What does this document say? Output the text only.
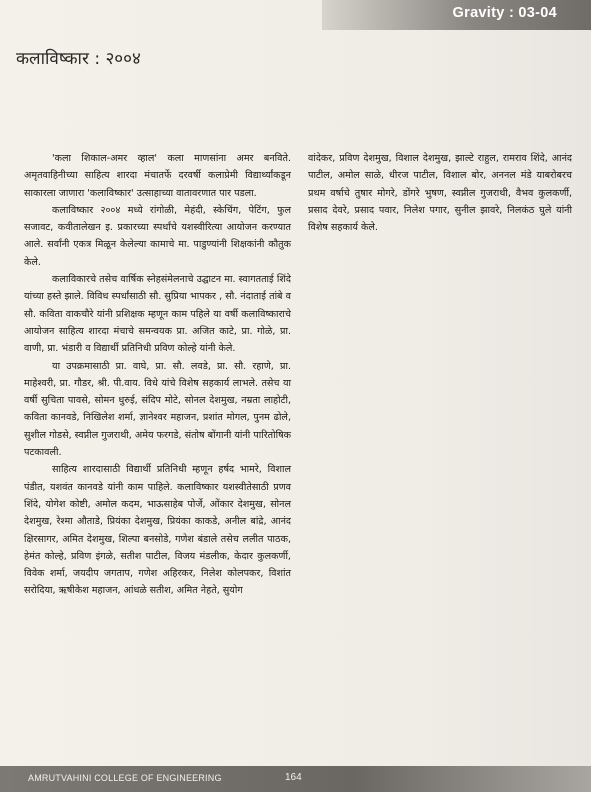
Gravity : 03-04
कलाविष्कार : २००४

'कला शिकाल-अमर व्हाल' कला माणसांना अमर बनविते. अमृतवाहिनीच्या साहित्य शारदा मंचातर्फे दरवर्षी कलाप्रेमी विद्यार्थ्यांकडून साकारला जाणारा 'कलाविष्कार' उत्साहाच्या वातावरणात पार पडला.

कलाविष्कार २००४ मध्ये रांगोळी, मेहंदी, स्केचिंग, पेटिंग, फुल सजावट, कवीतालेखन इ. प्रकारच्या स्पर्धांचे यशस्वीरित्या आयोजन करण्यात आले. सर्वांनी एकत्र मिळून केलेल्या कामाचे मा. पाडुण्यांनी शिक्षकांनी कौतुक केले.

कलाविकारचे तसेच वार्षिक स्नेहसंमेलनाचे उद्घाटन मा. स्वागतताई शिंदे यांच्या हस्ते झाले. विविध स्पर्धांसाठी सौ. सुप्रिया भापकर , सौ. नंदाताई तांबे व सौ. कविता वाकचौरे यांनी प्रशिक्षक म्हणून काम पहिले या वर्षी कलाविष्काराचे आयोजन साहित्य शारदा मंचाचे समन्वयक प्रा. अजित काटे, प्रा. गोळे, प्रा. वाणी, प्रा. भंडारी व विद्यार्थी प्रतिनिधी प्रविण कोल्हे यांनी केले.

या उपक्रमासाठी प्रा. वाघे, प्रा. सौ. लवडे, प्रा. सौ. रहाणे, प्रा. माहेश्वरी, प्रा. गौडर, श्री. पी.वाय. विधे यांचे विशेष सहकार्य लाभले. तसेच या वर्षी सुचिता पावसे, सोमन धुरुई, संदिप मोटे, सोनल देशमुख, नम्रता लाहोटी, कविता कानवडे, निखिलेश शर्मा, ज्ञानेश्वर महाजन, प्रशांत मोगल, पुनम ढोले, सुशील गोडसे, स्वप्नील गुजराथी, अमेय फरगडे, संतोष बोंगानी यांनी पारितोषिक पटकावली.

साहित्य शारदासाठी विद्यार्थी प्रतिनिधी म्हणून हर्षद भामरे, विशाल पंडीत, यशवंत कानवडे यांनी काम पाहिले. कलाविष्कार यशस्वीतेसाठी प्रणव शिंदे, योगेश कोष्टी, अमोल कदम, भाऊसाहेब पोर्जे, ओंकार देशमुख, सोनल देशमुख, रेश्मा औताडे, प्रियंका देशमुख, प्रियंका काकडे, अनील बांद्रे, आनंद क्षिरसागर, अमित देशमुख, शिल्पा बनसोडे, गणेश बंडाले तसेच ललीत पाठक, हेमंत कोल्हे, प्रविण इंगळे, सतीश पाटील, विजय मंडलीक, केदार कुलकर्णी, विवेक शर्मा, जयदीप जगताप, गणेश अहिरकर, निलेश कोलपकर, विशांत सरोदिया, ऋषीकेश महाजन, आंधळे सतीश, अमित नेहते, सुयोग

वांदेकर, प्रविण देशमुख, विशाल देशमुख, झाल्टे राहुल, रामराव शिंदे, आनंद पाटील, अमोल साळे, धीरज पाटील, विशाल बोर, अननल मंडे याबरोबरच प्रथम वर्षाचे तुषार मोगरे, डोंगरे भुषण, स्वप्नील गुजराथी, वैभव कुलकर्णी, प्रसाद देवरे, प्रसाद पवार, निलेश पगार, सुनील झावरे, निलकंठ घुले यांनी विशेष सहकार्य केले.

AMRUTVAHINI COLLEGE OF ENGINEERING	164
